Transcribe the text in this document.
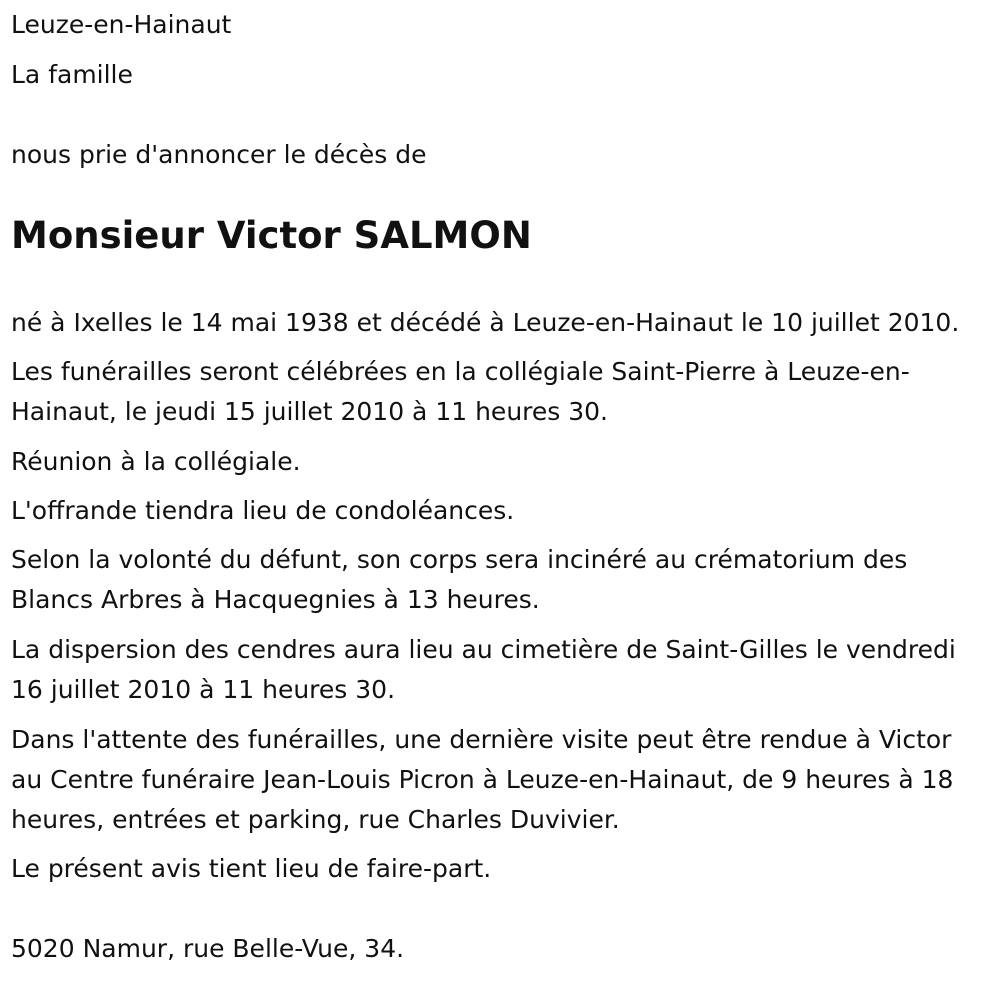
Leuze-en-Hainaut

La famille

nous prie d'annoncer le décès de

Monsieur Victor SALMON

né à Ixelles le 14 mai 1938 et décédé à Leuze-en-Hainaut le 10 juillet 2010.

Les funérailles seront célébrées en la collégiale Saint-Pierre à Leuze-en-Hainaut, le jeudi 15 juillet 2010 à 11 heures 30.

Réunion à la collégiale.

L'offrande tiendra lieu de condoléances.

Selon la volonté du défunt, son corps sera incinéré au crématorium des Blancs Arbres à Hacquegnies à 13 heures.

La dispersion des cendres aura lieu au cimetière de Saint-Gilles le vendredi 16 juillet 2010 à 11 heures 30.

Dans l'attente des funérailles, une dernière visite peut être rendue à Victor au Centre funéraire Jean-Louis Picron à Leuze-en-Hainaut, de 9 heures à 18 heures, entrées et parking, rue Charles Duvivier.

Le présent avis tient lieu de faire-part.

5020 Namur, rue Belle-Vue, 34.
